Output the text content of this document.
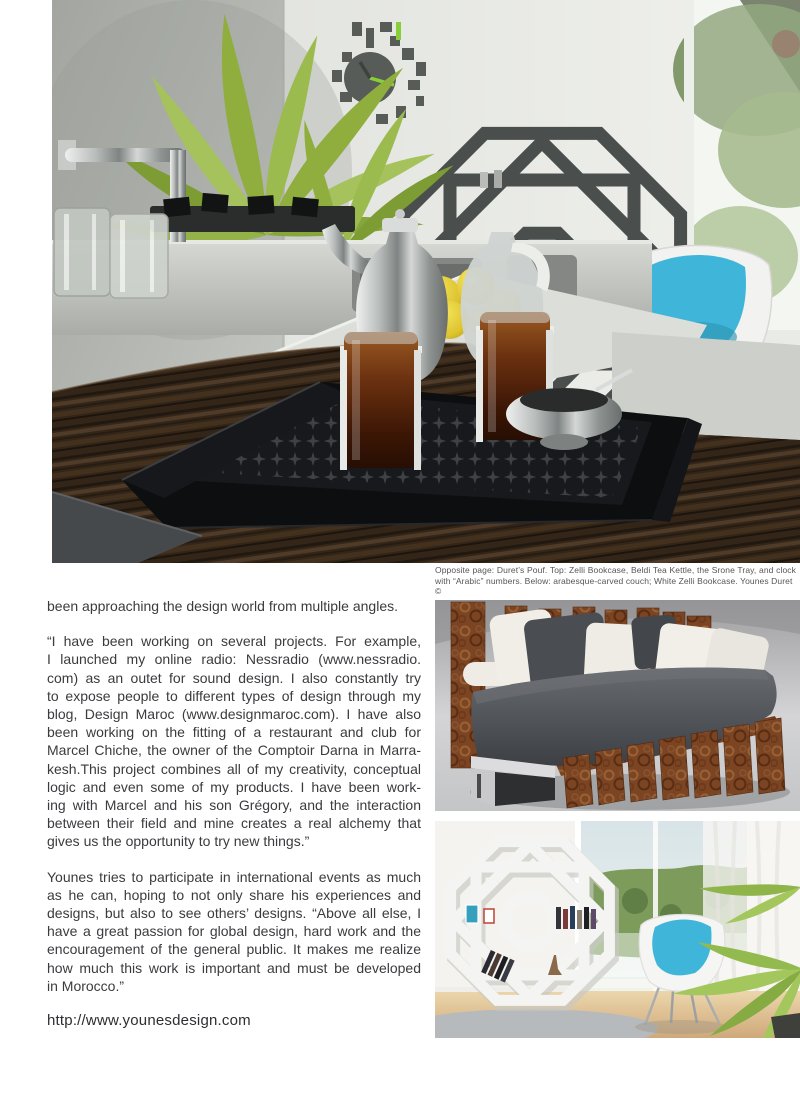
Opposite page: Duret’s Pouf. Top: Zelli Bookcase, Beldi Tea Kettle, the Srone Tray, and clock
with “Arabic” numbers. Below: arabesque-carved couch; White Zelli Bookcase. Younes Duret ©
been approaching the design world from multiple angles.
“I have been working on several projects. For example,
I launched my online radio: Nessradio (www.nessradio.
com) as an outet for sound design. I also constantly try
to expose people to different types of design through my
blog, Design Maroc (www.designmaroc.com). I have also
been working on the fitting of a restaurant and club for
Marcel Chiche, the owner of the Comptoir Darna in Marra-
kesh.This project combines all of my creativity, conceptual
logic and even some of my products. I have been work-
ing with Marcel and his son Grégory, and the interaction
between their field and mine creates a real alchemy that
gives us the opportunity to try new things.”
Younes tries to participate in international events as much
as he can, hoping to not only share his experiences and
designs, but also to see others’ designs. “Above all else, I
have a great passion for global design, hard work and the
encouragement of the general public. It makes me realize
how much this work is important and must be developed
in Morocco.”
http://www.younesdesign.com
